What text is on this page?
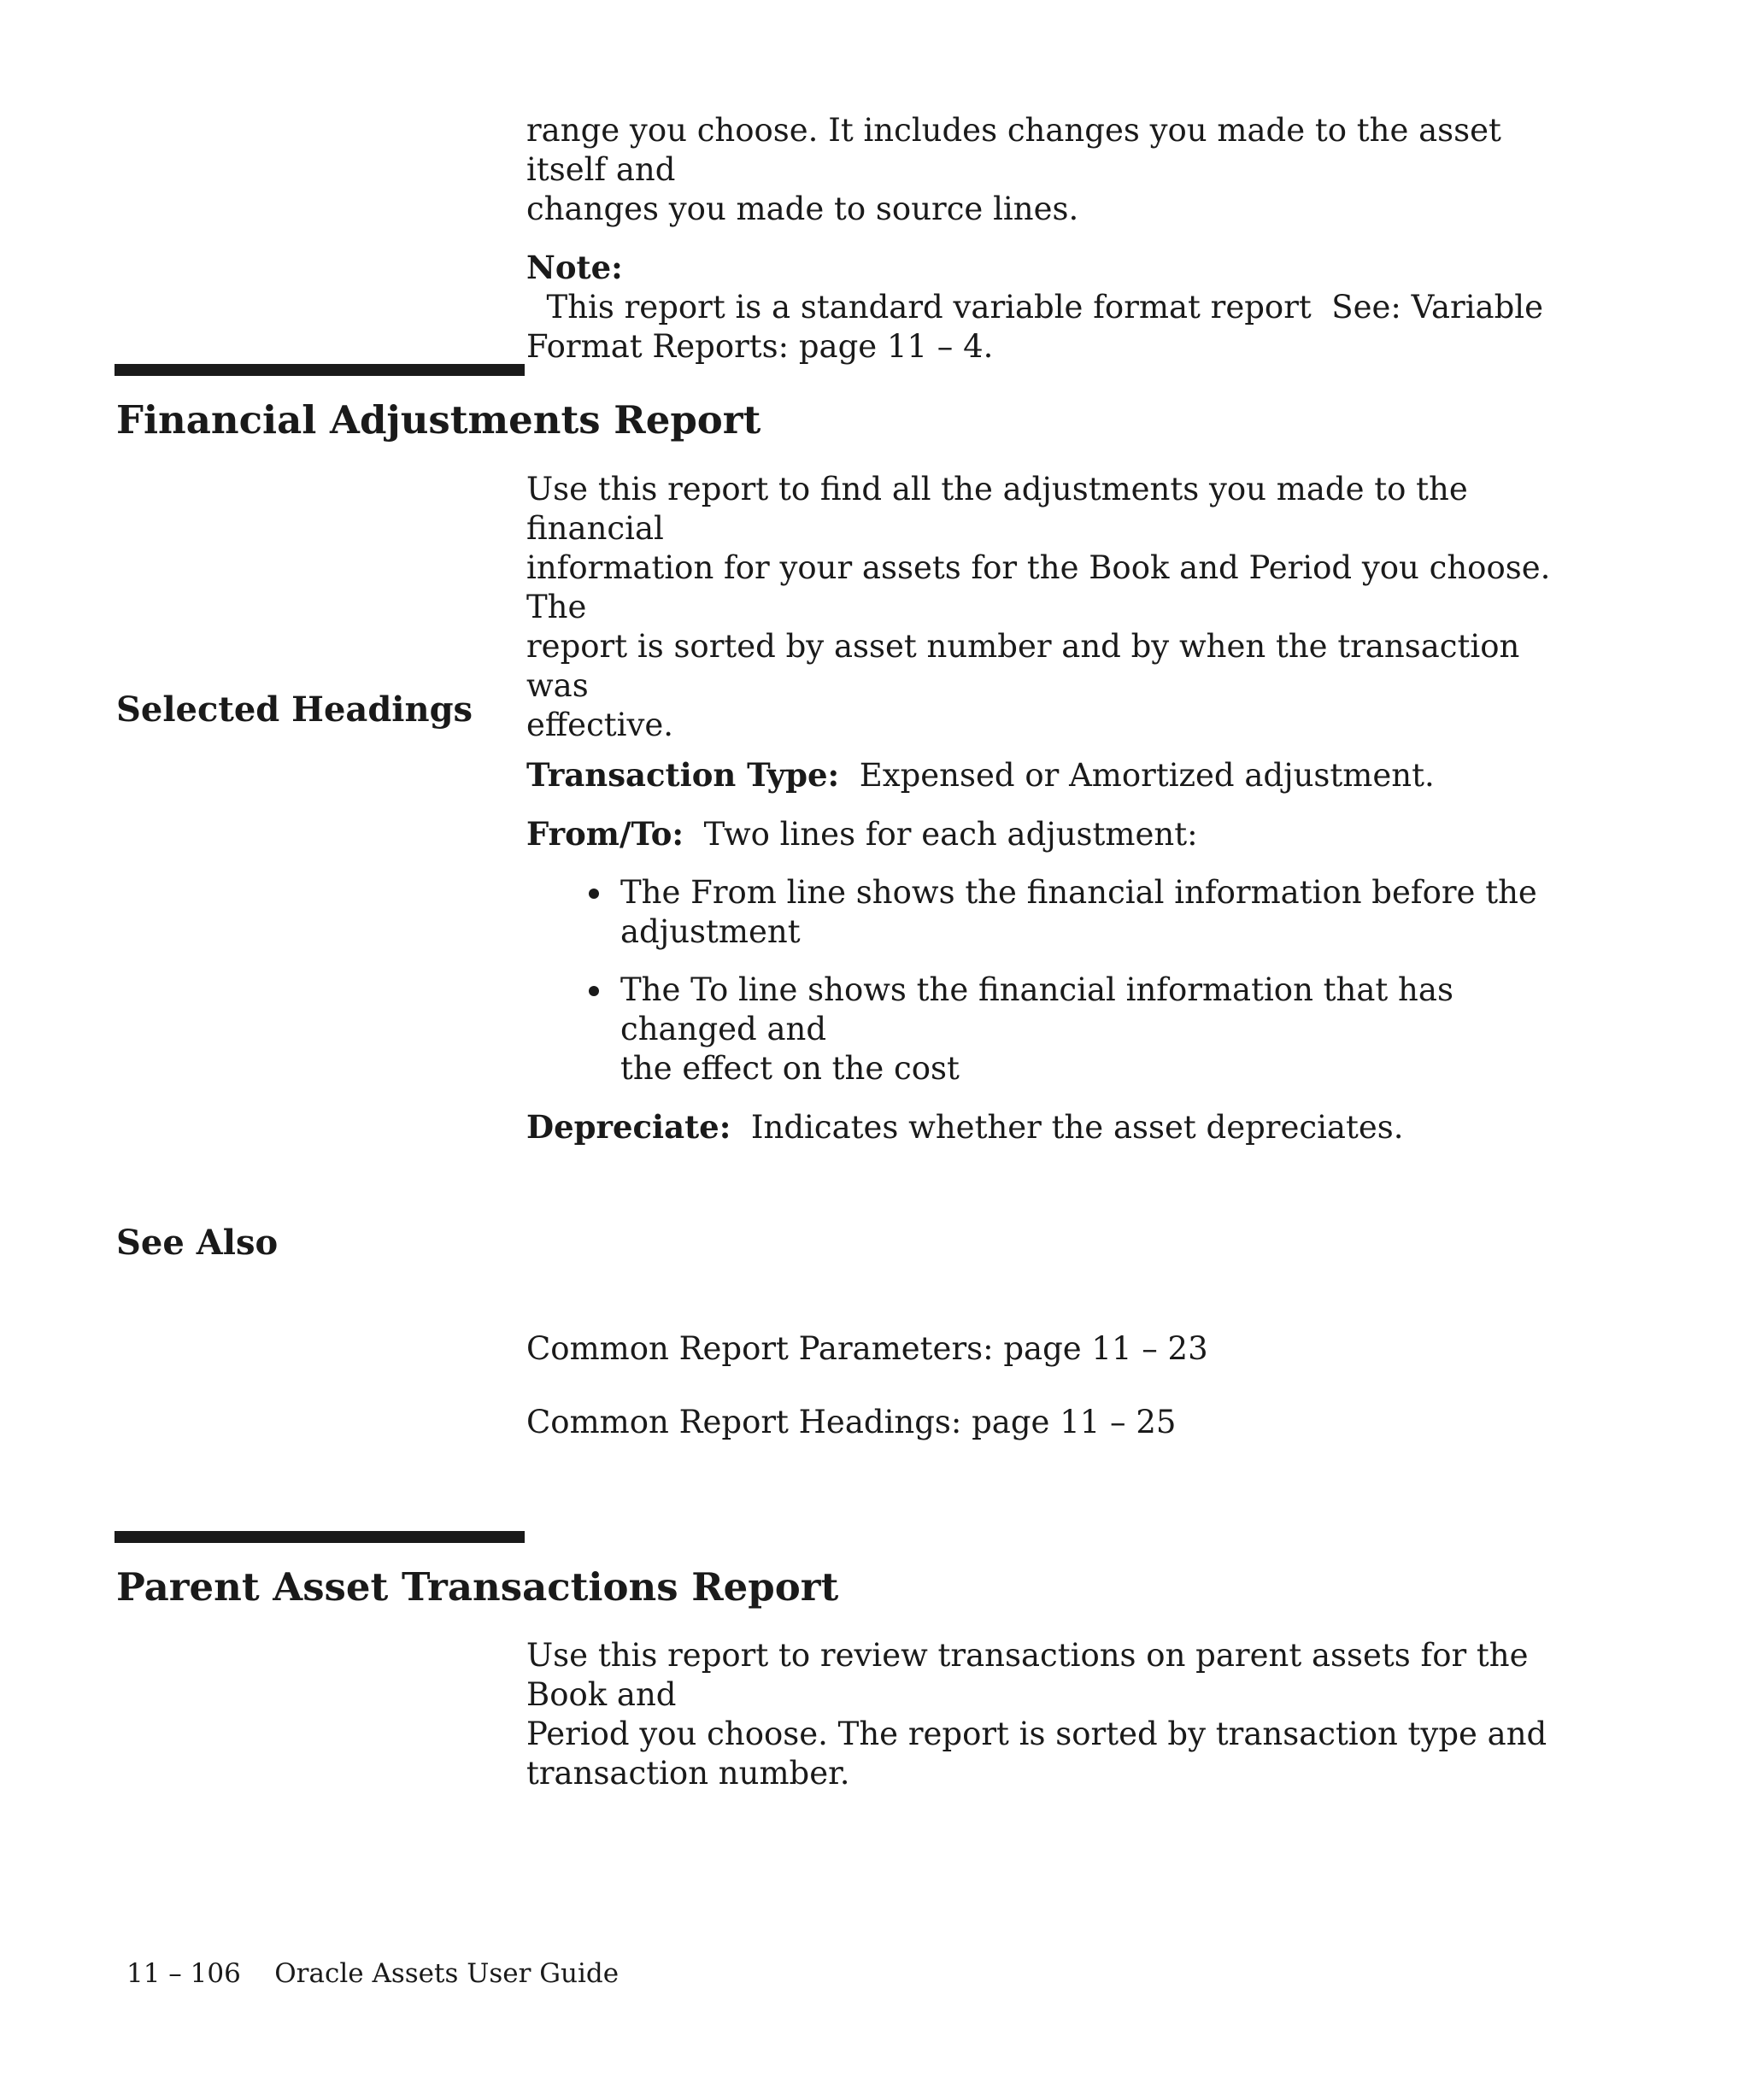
range you choose. It includes changes you made to the asset itself and
changes you made to source lines.

Note:  This report is a standard variable format report  See: Variable
Format Reports: page 11 – 4.

Financial Adjustments Report

Use this report to find all the adjustments you made to the financial
information for your assets for the Book and Period you choose. The
report is sorted by asset number and by when the transaction was
effective.

Selected Headings

Transaction Type:  Expensed or Amortized adjustment.

From/To:  Two lines for each adjustment:

The From line shows the financial information before the
adjustment
The To line shows the financial information that has changed and
the effect on the cost

Depreciate:  Indicates whether the asset depreciates.

See Also

Common Report Parameters: page 11 – 23

Common Report Headings: page 11 – 25

Parent Asset Transactions Report

Use this report to review transactions on parent assets for the Book and
Period you choose. The report is sorted by transaction type and
transaction number.

11 – 106 Oracle Assets User Guide
